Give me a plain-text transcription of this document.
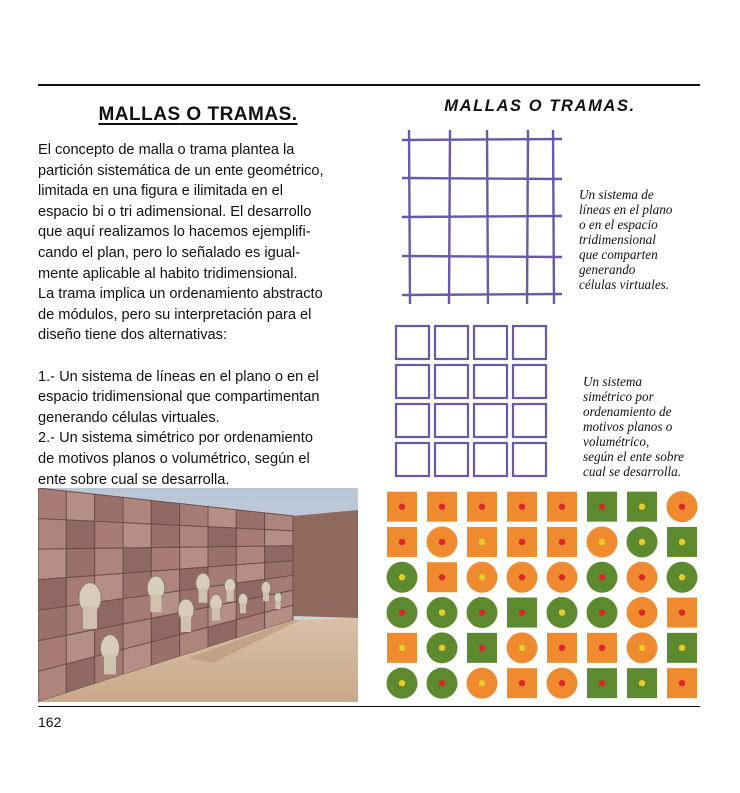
MALLAS O TRAMAS.	MALLAS O TRAMAS.

El concepto de malla o trama plantea la

partición sistemática de un ente geométrico,

limitada en una figura e ilimitada en el

espacio bi o tri adimensional. El desarrollo

que aquí realizamos lo hacemos ejemplifi-

cando el plan, pero lo señalado es igual-

mente aplicable al habito tridimensional.

La trama implica un ordenamiento abstracto

de módulos, pero su interpretación para el

diseño tiene dos alternativas:

1.- Un sistema de líneas en el plano o en el

espacio tridimensional que compartimentan

generando células virtuales.

2.- Un sistema simétrico por ordenamiento

de motivos planos o volumétrico, según el

ente sobre cual se desarrolla.

Un sistema de

líneas en el plano

o en el espacio

tridimensional

que comparten

generando

células virtuales.

Un sistema

simétrico por

ordenamiento de

motivos planos o

volumétrico,

según el ente sobre

cual se desarrolla.

162
